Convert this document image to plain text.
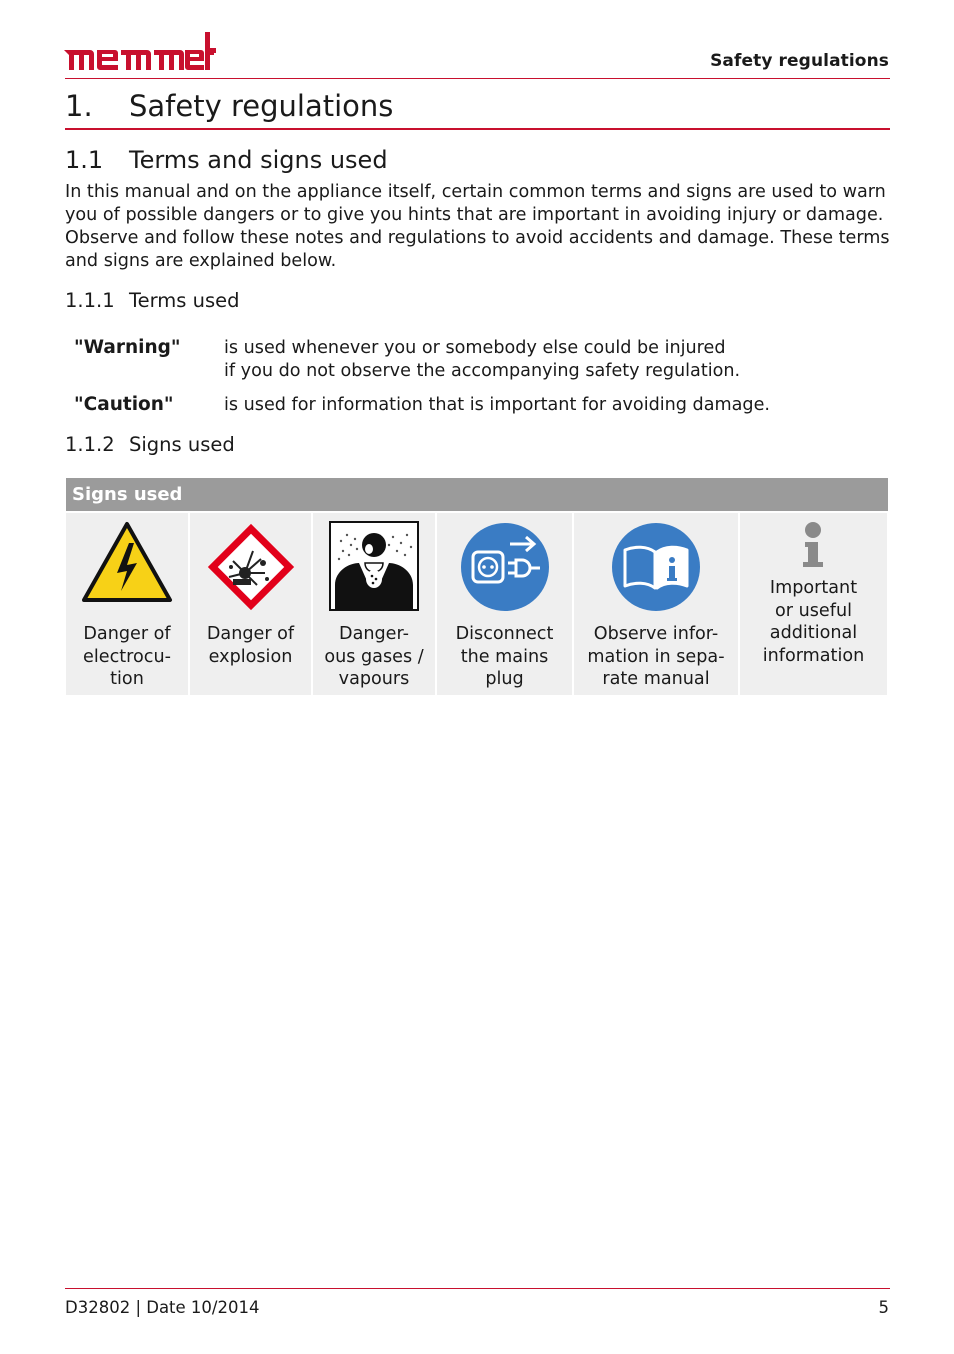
Safety regulations
1. Safety regulations
1.1 Terms and signs used

In this manual and on the appliance itself, certain common terms and signs are used to warn you of possible dangers or to give you hints that are important in avoiding injury or damage. Observe and follow these notes and regulations to avoid accidents and damage. These terms and signs are explained below.

1.1.1 Terms used
"Warning" is used whenever you or somebody else could be injured
if you do not observe the accompanying safety regulation.
"Caution"	is used for information that is important for avoiding damage.
1.1.2 Signs used
Signs used
Danger of
electrocu-
tion
Danger of
explosion
Danger-
ous gases /
vapours
Disconnect
the mains
plug
Observe infor-
mation in sepa-
rate manual
Important
or useful
additional
information
D32802 | Date 10/2014	5
